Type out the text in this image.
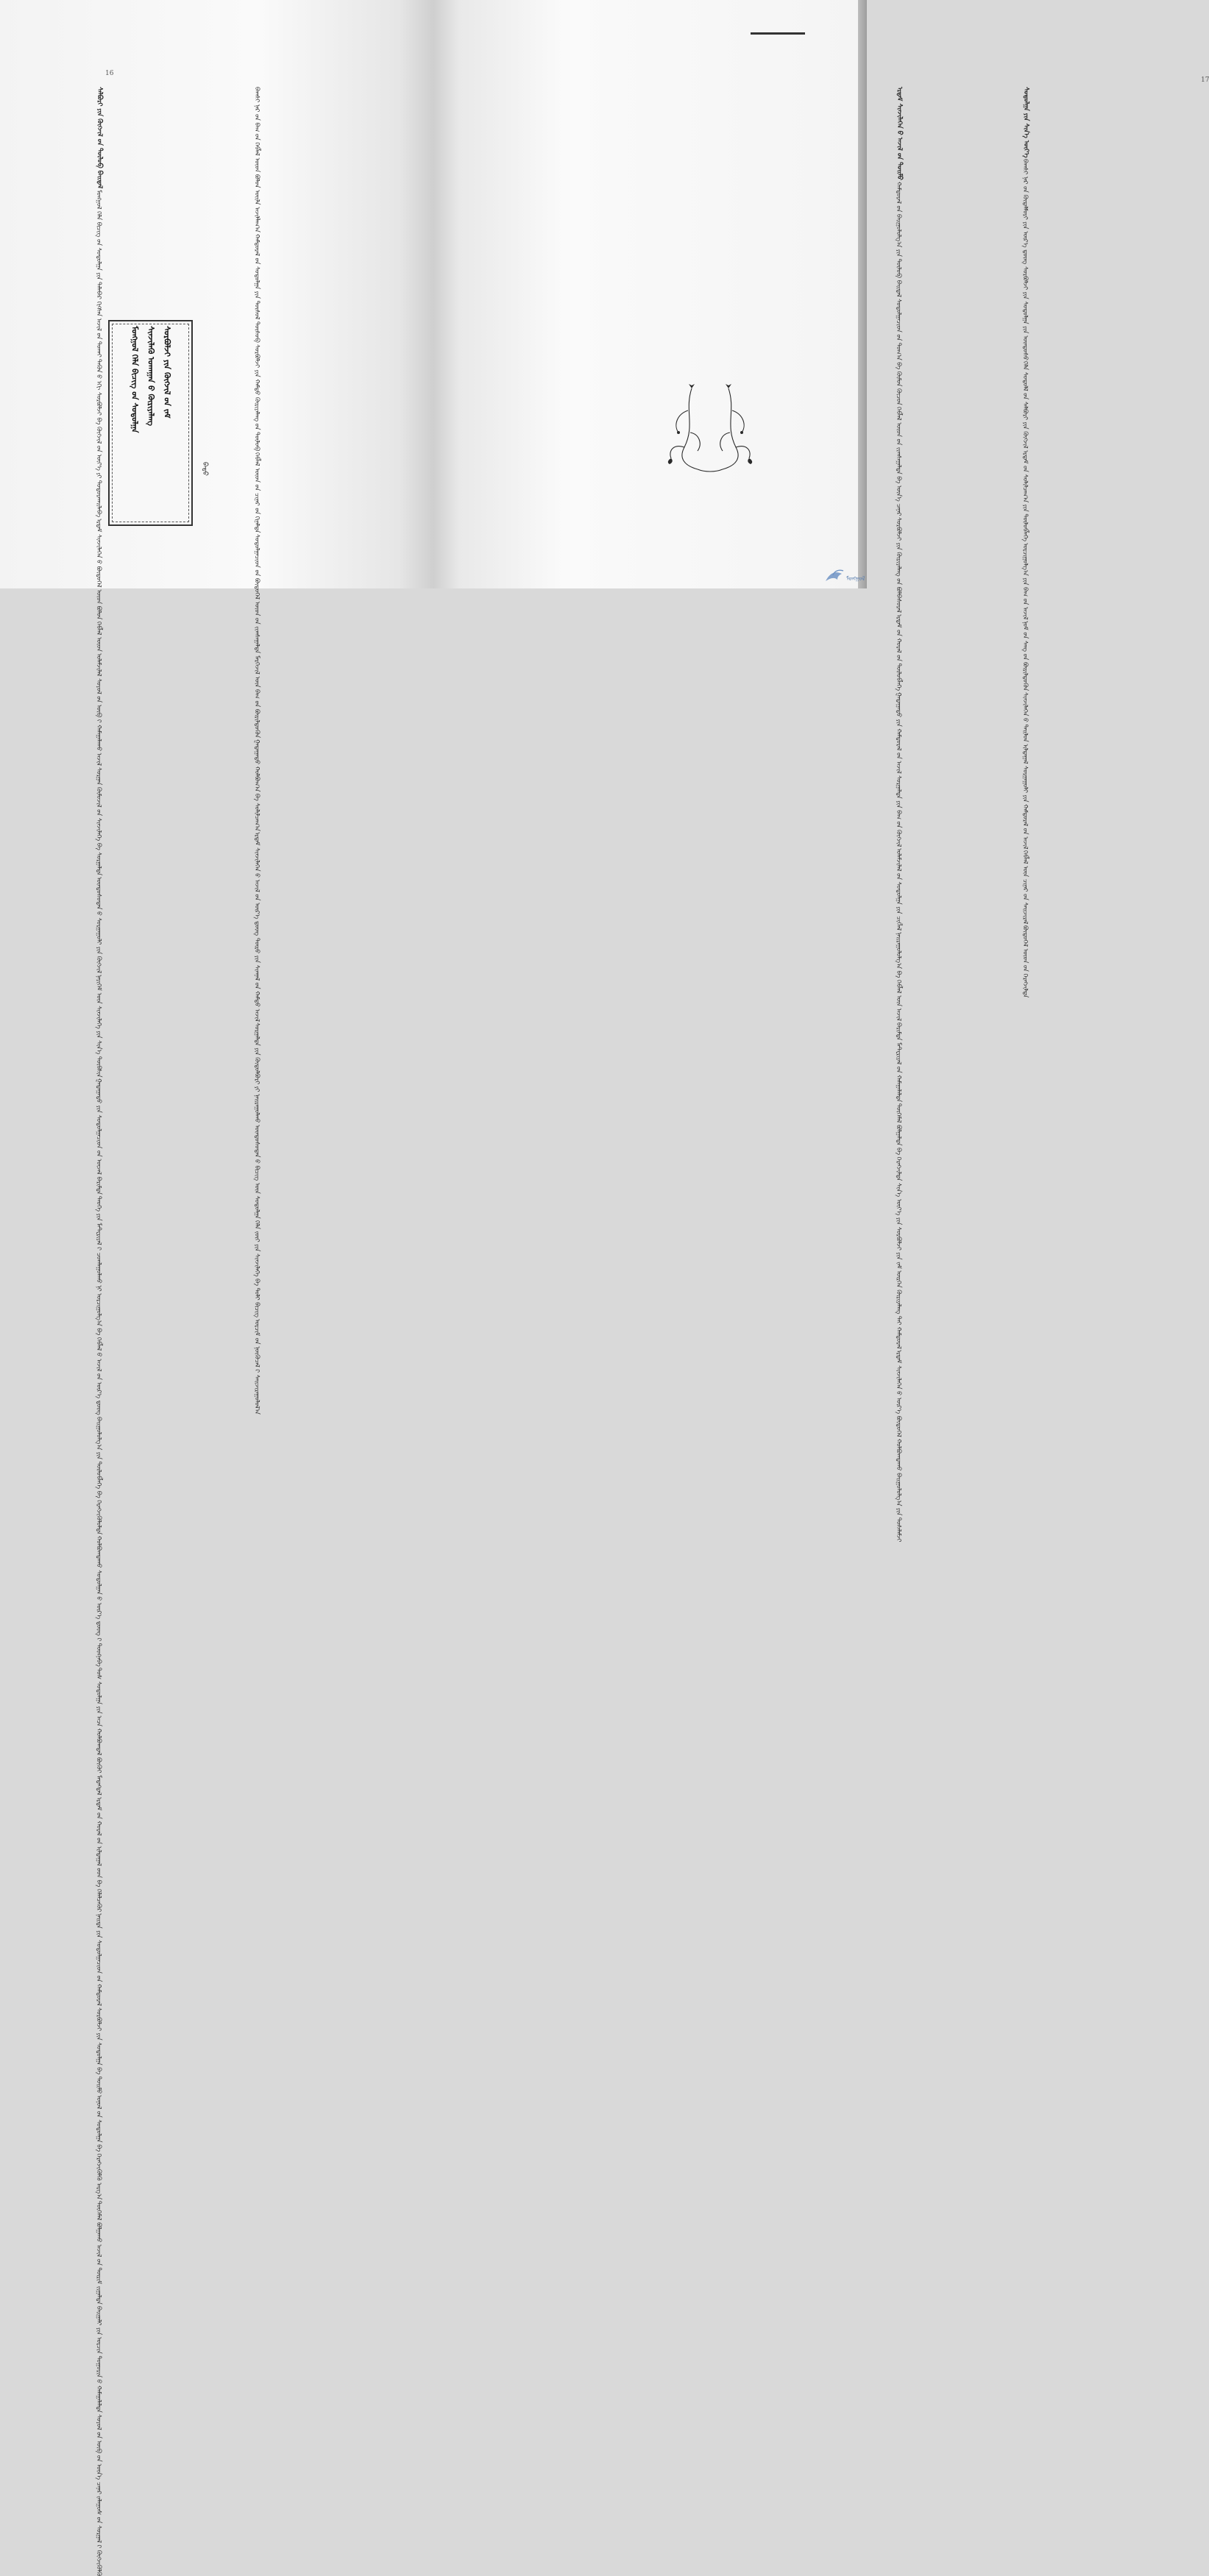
16
ᠰᠠᠯᠪᠤᠷᠢ ᠶᠢᠨ ᠬᠥᠭᠵᠢᠯ ᠤ᠋ᠨ ᠲᠥᠯᠦᠪ ᠪᠠᠢᠳᠠᠯ
ᠮᠣᠩᠭᠣᠯ ᠬᠡᠯᠡ ᠪᠢᠴᠢᠭ ᠤ᠋ᠨ ᠰᠤᠳᠤᠯᠭᠠ ᠶᠢᠨ ᠲᠠᠯᠠᠪᠠᠷ ᠬᠢᠭᠰᠡᠨ ᠠᠵᠢᠯ ᠤ᠋ᠨ ᠲᠤᠬᠠᠢ
ᠲᠡᠭᠦᠨ ᠦ᠌ ᠡᠬᠢ ᠰᠤᠷᠪᠤᠯᠵᠢ ᠪᠠ ᠬᠥᠭᠵᠢᠯ ᠤ᠋ᠨ ᠦᠶ᠎ᠡ ᠶᠢ ᠲᠣᠳᠣᠷᠬᠠᠢᠯᠠᠪᠠ
ᠡᠷᠳᠡᠮ ᠰᠢᠨᠵᠢᠯᠡᠭᠡᠨ ᠦ᠌ ᠪᠦᠲᠦᠭᠡᠯ ᠦ᠌ᠳ ᠪᠣᠯᠤᠨ ᠬᠡᠪᠯᠡᠯ ᠦ᠌ᠳ
ᠤᠯᠠᠮᠵᠢᠯᠠᠯ ᠰᠣᠶᠣᠯ ᠤ᠋ᠨ ᠥᠪ ᠢ᠋ ᠬᠠᠮᠠᠭᠠᠯᠠᠬᠤ ᠠᠵᠢᠯ
ᠰᠤᠷᠭᠠᠨ ᠬᠦᠮᠦᠵᠢᠯ ᠤ᠋ᠨ ᠰᠢᠨᠵᠢᠯᠡᠭᠡ ᠪᠠ ᠰᠤᠷᠭᠠᠯᠲᠠ
ᠦᠨᠳᠦᠰᠦᠲᠡᠨ ᠦ᠌ ᠰᠤᠷᠭᠠᠭᠤᠯᠢ ᠶᠢᠨ ᠬᠥᠭᠵᠢᠯ
ᠨᠡᠶᠢᠭᠡᠮ ᠦ᠌ᠨ ᠰᠢᠨᠵᠢᠯᠡᠭᠡ ᠶᠢᠨ ᠰᠢᠨ᠎ᠡ ᠲᠦᠪᠰᠢᠨ
ᠭᠠᠳᠠᠭᠠᠳᠤ ᠶᠢᠨ ᠰᠤᠳᠤᠯᠭᠠᠴᠢᠳ ᠤ᠋ᠨ ᠦᠵᠡᠯ ᠪᠠᠷᠢᠮᠲᠠ
ᠲᠡᠦᠬᠡ ᠶᠢᠨ ᠮᠠᠲ᠋ᠧᠷᠢᠶᠠᠯ ᠢ᠋ ᠴᠤᠭᠯᠠᠭᠤᠯᠬᠤ ᠨᠢ
ᠣᠷᠴᠢᠭᠤᠯᠭ᠎ᠠ ᠪᠠ ᠬᠡᠪᠯᠡᠯ ᠦ᠌ ᠠᠵᠢᠯ ᠤ᠋ᠨ ᠦᠷ᠎ᠡ ᠳ᠋ᠦᠩ
ᠪᠠᠢᠭᠤᠯᠤᠯᠭ᠎ᠠ ᠶᠢᠨ ᠲᠥᠯᠥᠪᠯᠡᠭᠡ ᠪᠠ ᠬᠡᠷᠡᠭᠵᠢᠭᠦᠯᠦᠯᠲᠡ
ᠬᠣᠯᠪᠣᠭᠳᠠᠬᠤ ᠰᠤᠳᠤᠯᠭᠠᠨ ᠤ᠋ ᠦᠷ᠎ᠡ ᠳ᠋ᠦᠩ ᠢ᠋ ᠳᠦᠩᠨᠡᠪᠡ
ᠲᠤᠰ ᠰᠤᠳᠤᠯᠭᠠ ᠶᠢᠨ ᠠᠴᠠ ᠬᠣᠯᠪᠣᠭᠳᠠᠯ ᠪᠦᠬᠦᠢ ᠮᠡᠳᠡᠭᠳᠡᠯ
ᠡᠷᠳᠡᠮ ᠤ᠋ᠨ ᠬᠤᠷᠠᠯ ᠤ᠋ᠨ ᠢᠯᠲᠠᠭᠠᠯ ᠤ᠋ᠳ ᠪᠠ ᠬᠡᠯᠡᠯᠴᠡᠭᠦᠷ
ᠨᠡᠢᠲᠡ ᠶᠢᠨ ᠰᠤᠳᠤᠯᠭᠠᠴᠢᠳ ᠤ᠋ᠨ ᠬᠠᠮᠲᠤᠷᠠᠯ
ᠰᠤᠷᠪᠤᠯᠵᠢ ᠶᠢᠨ ᠰᠤᠳᠤᠯᠭᠠ ᠪᠠ ᠲᠣᠢᠮᠤ
ᠣᠨᠣᠯ ᠤ᠋ᠨ ᠰᠤᠳᠤᠯᠭᠠ ᠪᠠ ᠬᠡᠷᠡᠭᠵᠢᠭᠦᠯᠬᠦ ᠠᠷᠭ᠎ᠠ
ᠲᠦᠭᠡᠮᠡᠯ ᠪᠣᠯᠭᠠᠬᠤ ᠠᠵᠢᠯ ᠤ᠋ᠨ ᠳᠦᠷᠢᠮ ᠵᠢᠭᠠᠯᠲᠠ
ᠪᠠᠢᠭᠠᠯᠢ ᠶᠢᠨ ᠣᠷᠴᠢᠨ ᠲᠣᠭᠣᠷᠢᠨ ᠤ᠋ ᠬᠠᠮᠠᠭᠠᠯᠠᠯᠲᠠ
ᠰᠣᠶᠣᠯ ᠤ᠋ᠨ ᠥᠪ ᠤ᠋ᠨ ᠦᠨ᠎ᠡ ᠴᠡᠨᠡᠷ
ᠵᠠᠯᠠᠭᠤᠰ ᠤ᠋ᠨ ᠰᠤᠷᠭᠠᠯ ᠢ᠋ ᠬᠥᠭᠵᠢᠭᠦᠯᠬᠦ
ᠪᠠᠭᠰᠢ ᠨᠠᠷ ᠤ᠋ᠨ ᠪᠠᠭ ᠤ᠋ᠨ ᠬᠡᠪᠯᠡᠯ ᠦ᠌ᠳ ᠪᠣᠯᠤᠨ ᠦᠢᠯᠡ ᠠᠵᠢᠯᠯᠠᠭ᠎ᠠ
ᠬᠠᠮᠲᠤᠷᠠᠯ ᠤ᠋ᠨ ᠰᠤᠳᠤᠯᠭᠠ ᠶᠢᠨ ᠲᠥᠰᠥᠯ ᠲᠥᠰᠦᠪ
ᠰᠤᠷᠪᠤᠯᠵᠢ ᠶᠢᠨ ᠬᠠᠮᠲᠤ ᠬᠦᠷᠢᠶᠡᠯᠡᠩ ᠤ᠋ᠨ ᠲᠥᠯᠦᠪ
ᠬᠡᠪᠯᠡᠯ ᠦ᠌ᠳ ᠤ᠋ᠨ ᠴᠢᠨᠠᠷ ᠤ᠋ᠨ ᠬᠢᠨᠠᠯᠲᠠ
ᠰᠤᠳᠤᠯᠭᠠᠴᠢᠳ ᠤ᠋ᠨ ᠪᠦᠲᠦᠭᠡᠯ ᠦ᠌ᠳ ᠤ᠋ᠨ ᠵᠢᠭᠰᠠᠭᠠᠯᠲᠠ
ᠮᠡᠷᠭᠡᠵᠢᠯ ᠦ᠌ᠨ ᠪᠠᠭ ᠤ᠋ᠨ ᠪᠦᠷᠢᠯᠳᠦᠬᠦᠨ
ᠭᠠᠳᠠᠭᠠᠳᠤ ᠬᠣᠯᠪᠣᠭ᠎ᠠ ᠪᠠ ᠰᠣᠯᠢᠯᠴᠠᠭ᠎ᠠ
ᠡᠷᠳᠡᠮ ᠰᠢᠨᠵᠢᠯᠡᠭᠡᠨ ᠦ᠌ ᠠᠵᠢᠯ ᠤ᠋ᠨ ᠦᠷ᠎ᠡ ᠳ᠋ᠦᠩ
ᠲᠥᠷᠦ ᠶᠢᠨ ᠰᠢᠭᠨᠠᠯ ᠤ᠋ᠨ ᠬᠠᠮᠲᠤ ᠠᠵᠢᠯ
ᠰᠤᠷᠭᠠᠯᠲᠠ ᠶᠢᠨ ᠬᠥᠲᠦᠯᠪᠦᠷᠢ ᠶᠢ ᠨᠠᠢᠷᠠᠭᠤᠯᠬᠤ
ᠦᠨᠳᠦᠰᠦᠲᠡᠨ ᠦ᠌ ᠪᠢᠴᠢᠭ ᠦ᠌ᠨ ᠰᠤᠳᠤᠯᠭᠠ
ᠬᠡᠯᠡ ᠵᠦᠢ ᠶᠢᠨ ᠰᠢᠨᠵᠢᠯᠡᠭᠡ ᠪᠠ ᠲᠣᠯᠢ ᠪᠢᠴᠢᠭ
ᠣᠷᠴᠢᠮ ᠤ᠋ᠨ ᠨᠥᠬᠥᠴᠡᠯ ᠢ᠋ ᠰᠠᠢᠵᠢᠷᠠᠭᠤᠯᠤᠯ᠎ᠠ
ᠮᠣᠩᠭᠣᠯ ᠬᠡᠯᠡ ᠪᠢᠴᠢᠭ ᠤ᠋ᠨ ᠰᠤᠳᠤᠯᠭᠠ ᠰᠢᠨᠵᠢᠯᠡᠬᠦ ᠤᠬᠠᠭᠠᠨ ᠤ᠋ ᠬᠦᠷᠢᠶᠡᠯᠡᠩ ᠰᠤᠷᠪᠤᠯᠵᠢ ᠶᠢᠨ ᠬᠥᠭᠵᠢᠯ ᠤ᠋ᠨ ᠵᠠᠮ
ᠪᠠᠲᠤ
17
ᠡᠷᠳᠡᠮ ᠰᠢᠨᠵᠢᠯᠡᠭᠡᠨ ᠦ᠌ ᠠᠵᠢᠯ ᠤ᠋ᠨ ᠲᠣᠢᠮᠤ
ᠬᠠᠮᠲᠤᠷᠠᠯ ᠤ᠋ᠨ ᠪᠠᠢᠭᠤᠯᠤᠯᠭ᠎ᠠ ᠶᠢᠨ ᠲᠥᠯᠦᠪ ᠪᠠᠢᠳᠠᠯ
ᠰᠤᠳᠤᠯᠭᠠᠴᠢᠳ ᠤ᠋ᠨ ᠲᠣᠭ᠎ᠠ ᠪᠠ ᠬᠦᠮᠦᠨ ᠬᠦᠴᠦᠨ
ᠬᠡᠪᠯᠡᠯ ᠦ᠌ᠳ ᠤ᠋ᠨ ᠵᠢᠭᠰᠠᠭᠠᠯᠲᠠ ᠪᠠ ᠦᠨ᠎ᠡ ᠴᠡᠨᠡᠷ
ᠰᠤᠷᠪᠤᠯᠵᠢ ᠶᠢᠨ ᠬᠦᠷᠢᠶᠡᠯᠡᠩ ᠤ᠋ᠨ ᠪᠣᠯᠪᠠᠰᠤᠷᠠᠯ
ᠡᠷᠳᠡᠮ ᠤ᠋ᠨ ᠬᠤᠷᠠᠯ ᠤ᠋ᠨ ᠲᠥᠯᠥᠪᠯᠡᠭᠡ
ᠭᠠᠳᠠᠭᠠᠳᠤ ᠶᠢᠨ ᠬᠠᠮᠲᠤᠷᠠᠯ ᠤ᠋ᠨ ᠠᠵᠢᠯ
ᠰᠤᠷᠭᠠᠯᠲᠠ ᠶᠢᠨ ᠪᠠᠭ ᠤ᠋ᠨ ᠬᠥᠭᠵᠢᠯ
ᠤᠯᠠᠮᠵᠢᠯᠠᠯ ᠤ᠋ᠨ ᠰᠤᠳᠤᠯᠭᠠ ᠶᠢᠨ ᠴᠢᠭᠯᠡᠯ
ᠨᠠᠢᠷᠠᠭᠤᠯᠤᠯᠭ᠎ᠠ ᠪᠠ ᠬᠡᠪᠯᠡᠯ ᠦ᠌ᠨ ᠠᠵᠢᠯ
ᠪᠠᠷᠢᠮᠲᠠ ᠮᠠᠲ᠋ᠧᠷᠢᠶᠠᠯ ᠤ᠋ᠨ ᠬᠠᠮᠠᠭᠠᠯᠠᠯᠲᠠ
ᠲᠦᠭᠡᠮᠡᠯ ᠪᠣᠯᠭᠠᠯᠲᠠ ᠪᠠ ᠬᠡᠷᠡᠭᠵᠢᠯᠲᠡ
ᠰᠢᠨ᠎ᠡ ᠦᠶ᠎ᠡ ᠶᠢᠨ ᠰᠤᠷᠪᠤᠯᠵᠢ ᠶᠢᠨ ᠵᠠᠮ
ᠥᠷᠭᠡᠨ ᠬᠦᠷᠢᠶᠡᠯᠡᠩ ᠲᠡᠢ ᠬᠠᠮᠲᠤᠷᠠᠯ
ᠡᠷᠳᠡᠮ ᠰᠢᠨᠵᠢᠯᠡᠭᠡᠨ ᠦ᠌ ᠦᠷ᠎ᠡ ᠪᠦᠲᠦᠭᠡᠯ
ᠬᠣᠯᠪᠣᠭᠳᠠᠬᠤ ᠪᠠᠢᠭᠤᠯᠤᠯᠭ᠎ᠠ ᠶᠢᠨ ᠲᠤᠰᠠᠯᠠᠮᠵᠢ
ᠰᠤᠳᠤᠯᠭᠠ ᠶᠢᠨ ᠰᠢᠨ᠎ᠡ ᠦᠶ᠎ᠡ
ᠪᠠᠭᠰᠢ ᠨᠠᠷ ᠤ᠋ᠨ ᠬᠥᠳᠡᠯᠮᠦᠷᠢ ᠶᠢᠨ ᠦᠷ᠎ᠡ ᠳ᠋ᠦᠩ
ᠰᠤᠷᠪᠤᠯᠵᠢ ᠶᠢᠨ ᠰᠤᠳᠤᠯᠭᠠ ᠶᠢᠨ ᠦᠨᠳᠦᠰᠦ
ᠬᠡᠯᠡ ᠰᠤᠳᠤᠯᠯ ᠤ᠋ᠨ ᠰᠠᠯᠪᠤᠷᠢ ᠶᠢᠨ ᠬᠥᠭᠵᠢᠯ
ᠡᠷᠳᠡᠮ ᠤ᠋ᠨ ᠰᠣᠯᠢᠯᠴᠠᠭ᠎ᠠ ᠶᠢᠨ ᠲᠥᠯᠥᠪᠯᠡᠭᠡ
ᠣᠷᠴᠢᠭᠤᠯᠭ᠎ᠠ ᠶᠢᠨ ᠪᠠᠭ ᠤ᠋ᠨ ᠠᠵᠢᠯ
ᠨᠣᠮ ᠤ᠋ᠨ ᠰᠠᠩ ᠤ᠋ᠨ ᠪᠦᠷᠢᠯᠳᠦᠬᠦᠨ
ᠰᠢᠨᠵᠢᠯᠡᠭᠡᠨ ᠦ᠌ ᠲᠠᠢᠯᠤᠨ ᠢᠯᠲᠠᠭᠠᠯ
ᠰᠤᠷᠭᠠᠭᠤᠯᠢ ᠶᠢᠨ ᠬᠠᠮᠲᠤᠷᠠᠯ ᠤ᠋ᠨ ᠠᠵᠢᠯ
ᠬᠡᠪᠯᠡᠯ ᠦ᠌ᠨ ᠴᠢᠨᠠᠷ ᠤ᠋ᠨ ᠰᠠᠢᠵᠢᠷᠠᠯ
ᠪᠦᠲᠦᠭᠡᠯ ᠦ᠌ᠳ ᠤ᠋ᠨ ᠬᠡᠷᠡᠭᠵᠢᠯᠲᠡ
ᠮᠣᠩᠭᠣᠯ
